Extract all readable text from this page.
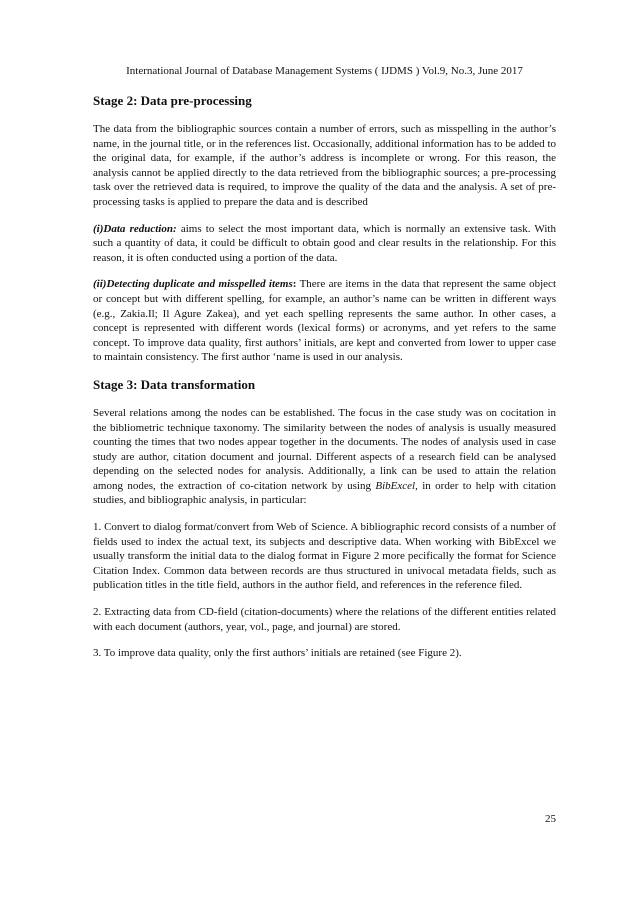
International Journal of Database Management Systems ( IJDMS ) Vol.9, No.3, June 2017
Stage 2: Data pre-processing

The data from the bibliographic sources contain a number of errors, such as misspelling in the author’s name, in the journal title, or in the references list. Occasionally, additional information has to be added to the original data, for example, if the author’s address is incomplete or wrong. For this reason, the analysis cannot be applied directly to the data retrieved from the bibliographic sources; a pre-processing task over the retrieved data is required, to improve the quality of the data and the analysis. A set of pre-processing tasks is applied to prepare the data and is described

(i)Data reduction: aims to select the most important data, which is normally an extensive task. With such a quantity of data, it could be difficult to obtain good and clear results in the relationship. For this reason, it is often conducted using a portion of the data.

(ii)Detecting duplicate and misspelled items: There are items in the data that represent the same object or concept but with different spelling, for example, an author’s name can be written in different ways (e.g., Zakia.Il; Il Agure Zakea), and yet each spelling represents the same author. In other cases, a concept is represented with different words (lexical forms) or acronyms, and yet refers to the same concept. To improve data quality, first authors’ initials, are kept and converted from lower to upper case to maintain consistency. The first author ‘name is used in our analysis.

Stage 3: Data transformation

Several relations among the nodes can be established. The focus in the case study was on cocitation in the bibliometric technique taxonomy. The similarity between the nodes of analysis is usually measured counting the times that two nodes appear together in the documents. The nodes of analysis used in case study are author, citation document and journal. Different aspects of a research field can be analysed depending on the selected nodes for analysis. Additionally, a link can be used to attain the relation among nodes, the extraction of co-citation network by using BibExcel, in order to help with citation studies, and bibliographic analysis, in particular:

1. Convert to dialog format/convert from Web of Science. A bibliographic record consists of a number of fields used to index the actual text, its subjects and descriptive data. When working with BibExcel we usually transform the initial data to the dialog format in Figure 2 more pecifically the format for Science Citation Index. Common data between records are thus structured in univocal metadata fields, such as publication titles in the title field, authors in the author field, and references in the reference filed.

2. Extracting data from CD-field (citation-documents) where the relations of the different entities related with each document (authors, year, vol., page, and journal) are stored.

3. To improve data quality, only the first authors’ initials are retained (see Figure 2).

25
